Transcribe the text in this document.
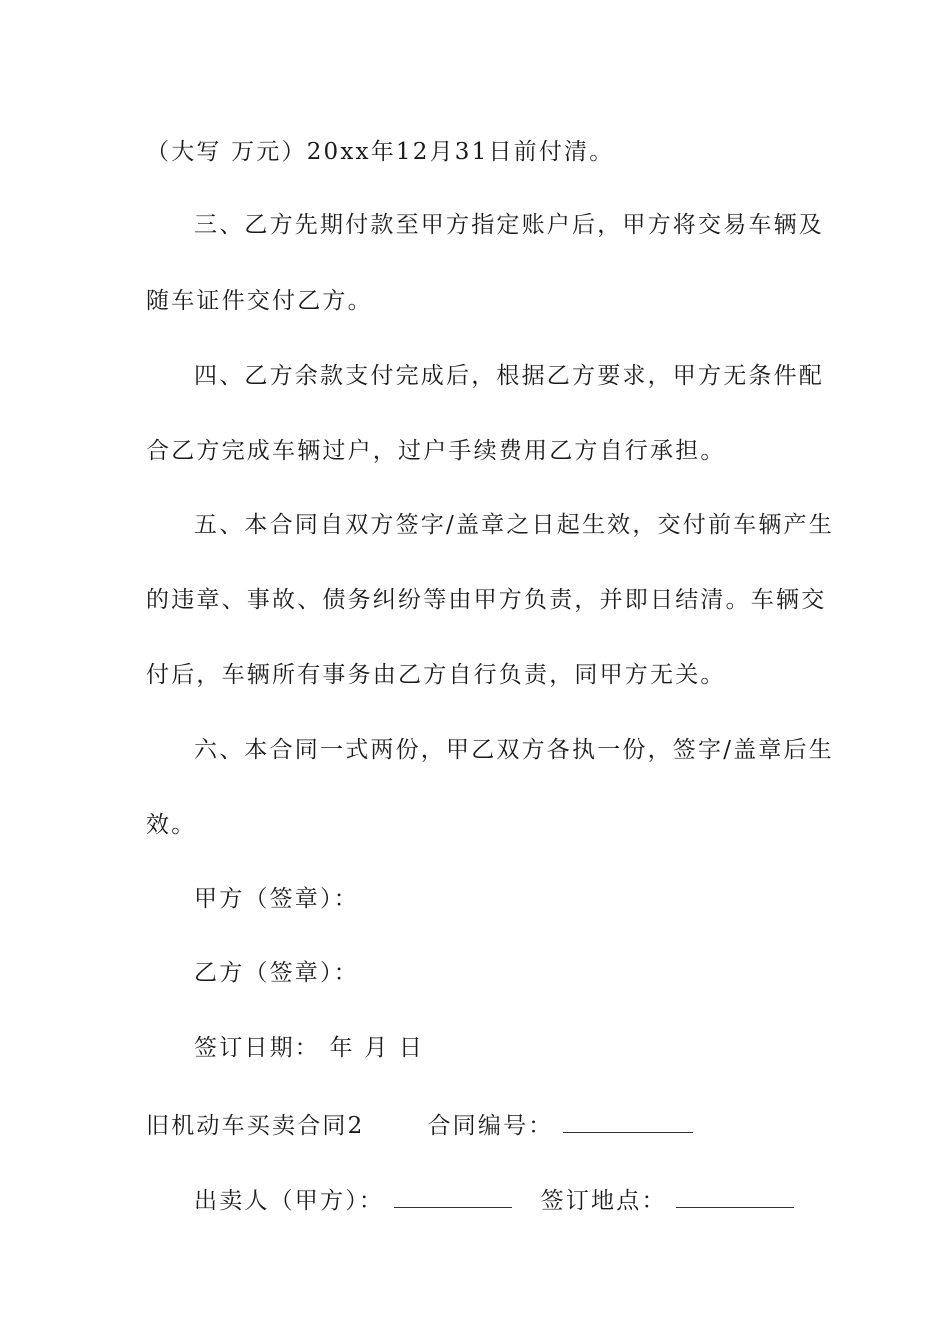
（大写 万元）20xx年12月31日前付清。
三、乙方先期付款至甲方指定账户后，甲方将交易车辆及
随车证件交付乙方。
四、乙方余款支付完成后，根据乙方要求，甲方无条件配
合乙方完成车辆过户，过户手续费用乙方自行承担。
五、本合同自双方签字/盖章之日起生效，交付前车辆产生
的违章、事故、债务纠纷等由甲方负责，并即日结清。车辆交
付后，车辆所有事务由乙方自行负责，同甲方无关。
六、本合同一式两份，甲乙双方各执一份，签字/盖章后生
效。
甲方（签章）：
乙方（签章）：
签订日期： 年 月 日
旧机动车买卖合同2	合同编号：
出卖人（甲方）：	签订地点：
